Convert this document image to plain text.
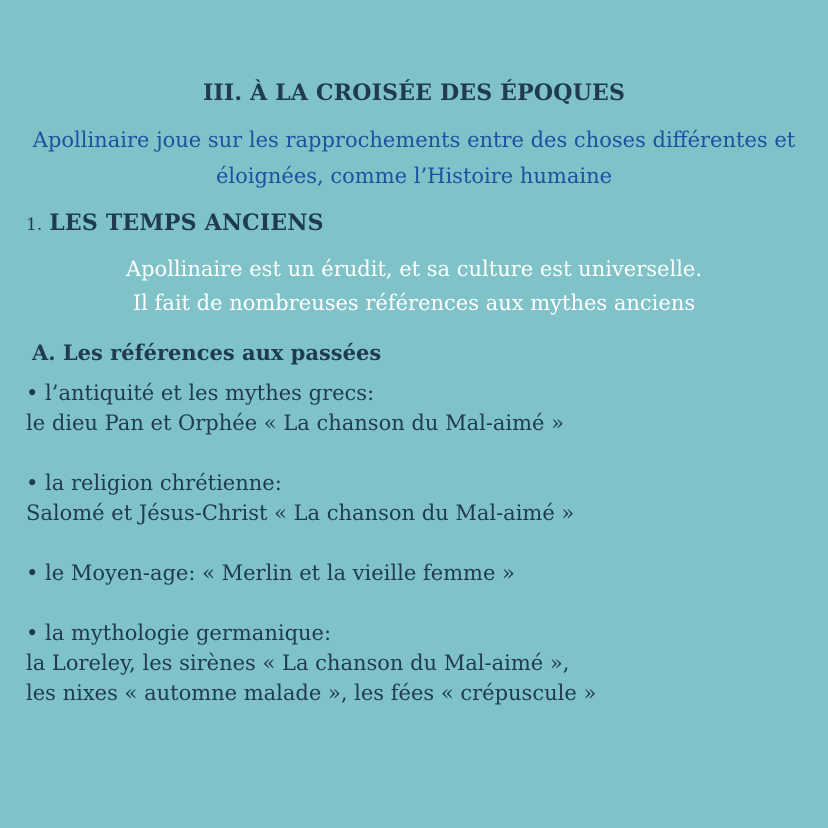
III. À LA CROISÉE DES ÉPOQUES
Apollinaire joue sur les rapprochements entre des choses différentes et
éloignées, comme l’Histoire humaine
1. LES TEMPS ANCIENS
Apollinaire est un érudit, et sa culture est universelle.
Il fait de nombreuses références aux mythes anciens
A. Les références aux passées
• l’antiquité et les mythes grecs:
le dieu Pan et Orphée « La chanson du Mal-aimé »
• la religion chrétienne:
Salomé et Jésus-Christ « La chanson du Mal-aimé »
• le Moyen-age: « Merlin et la vieille femme »
• la mythologie germanique:
la Loreley, les sirènes « La chanson du Mal-aimé »,
les nixes « automne malade », les fées « crépuscule »
